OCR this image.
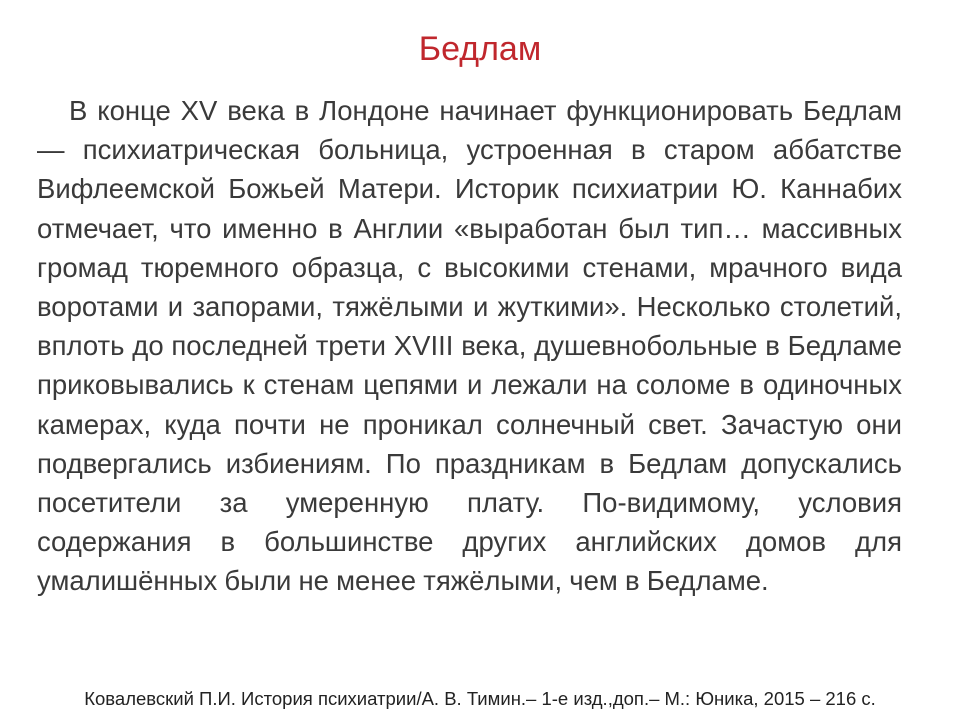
Бедлам

В конце XV века в Лондоне начинает функционировать Бедлам — психиатрическая больница, устроенная в старом аббатстве Вифлеемской Божьей Матери. Историк психиатрии Ю. Каннабих отмечает, что именно в Англии «выработан был тип… массивных громад тюремного образца, с высокими стенами, мрачного вида воротами и запорами, тяжёлыми и жуткими». Несколько столетий, вплоть до последней трети XVIII века, душевнобольные в Бедламе приковывались к стенам цепями и лежали на соломе в одиночных камерах, куда почти не проникал солнечный свет. Зачастую они подвергались избиениям. По праздникам в Бедлам допускались посетители за умеренную плату. По-видимому, условия содержания в большинстве других английских домов для умалишённых были не менее тяжёлыми, чем в Бедламе.

Ковалевский П.И. История психиатрии/А. В. Тимин.– 1-е изд.,доп.– М.: Юника, 2015 – 216 с.
